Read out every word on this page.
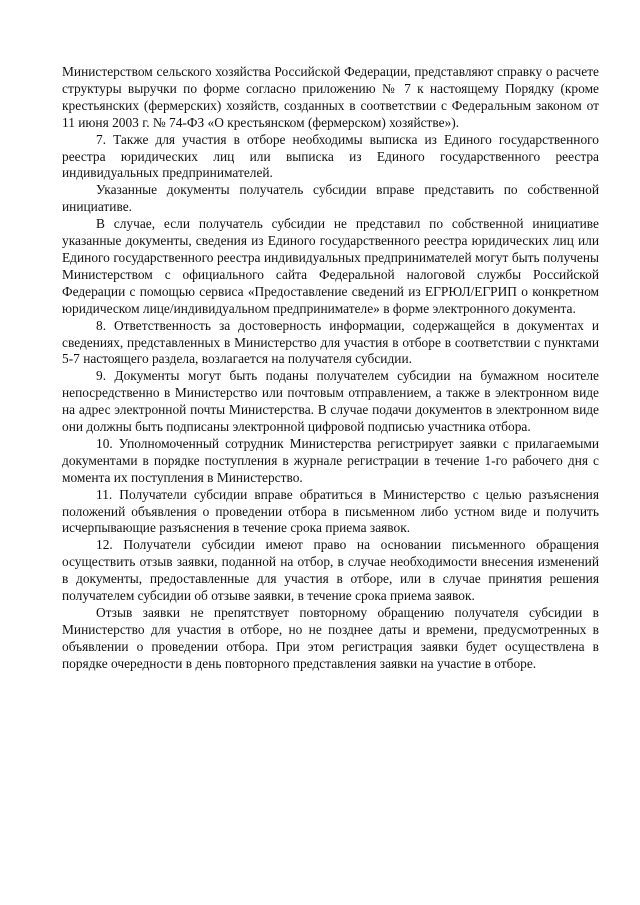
Министерством сельского хозяйства Российской Федерации, представляют справку о расчете структуры выручки по форме согласно приложению № 7 к настоящему Порядку (кроме крестьянских (фермерских) хозяйств, созданных в соответствии с Федеральным законом от 11 июня 2003 г. № 74-ФЗ «О крестьянском (фермерском) хозяйстве»).

7. Также для участия в отборе необходимы выписка из Единого государственного реестра юридических лиц или выписка из Единого государственного реестра индивидуальных предпринимателей.

Указанные документы получатель субсидии вправе представить по собственной инициативе.

В случае, если получатель субсидии не представил по собственной инициативе указанные документы, сведения из Единого государственного реестра юридических лиц или Единого государственного реестра индивидуальных предпринимателей могут быть получены Министерством с официального сайта Федеральной налоговой службы Российской Федерации с помощью сервиса «Предоставление сведений из ЕГРЮЛ/ЕГРИП о конкретном юридическом лице/индивидуальном предпринимателе» в форме электронного документа.

8. Ответственность за достоверность информации, содержащейся в документах и сведениях, представленных в Министерство для участия в отборе в соответствии с пунктами 5-7 настоящего раздела, возлагается на получателя субсидии.

9. Документы могут быть поданы получателем субсидии на бумажном носителе непосредственно в Министерство или почтовым отправлением, а также в электронном виде на адрес электронной почты Министерства. В случае подачи документов в электронном виде они должны быть подписаны электронной цифровой подписью участника отбора.

10. Уполномоченный сотрудник Министерства регистрирует заявки с прилагаемыми документами в порядке поступления в журнале регистрации в течение 1-го рабочего дня с момента их поступления в Министерство.

11. Получатели субсидии вправе обратиться в Министерство с целью разъяснения положений объявления о проведении отбора в письменном либо устном виде и получить исчерпывающие разъяснения в течение срока приема заявок.

12. Получатели субсидии имеют право на основании письменного обращения осуществить отзыв заявки, поданной на отбор, в случае необходимости внесения изменений в документы, предоставленные для участия в отборе, или в случае принятия решения получателем субсидии об отзыве заявки, в течение срока приема заявок.

Отзыв заявки не препятствует повторному обращению получателя субсидии в Министерство для участия в отборе, но не позднее даты и времени, предусмотренных в объявлении о проведении отбора. При этом регистрация заявки будет осуществлена в порядке очередности в день повторного представления заявки на участие в отборе.
